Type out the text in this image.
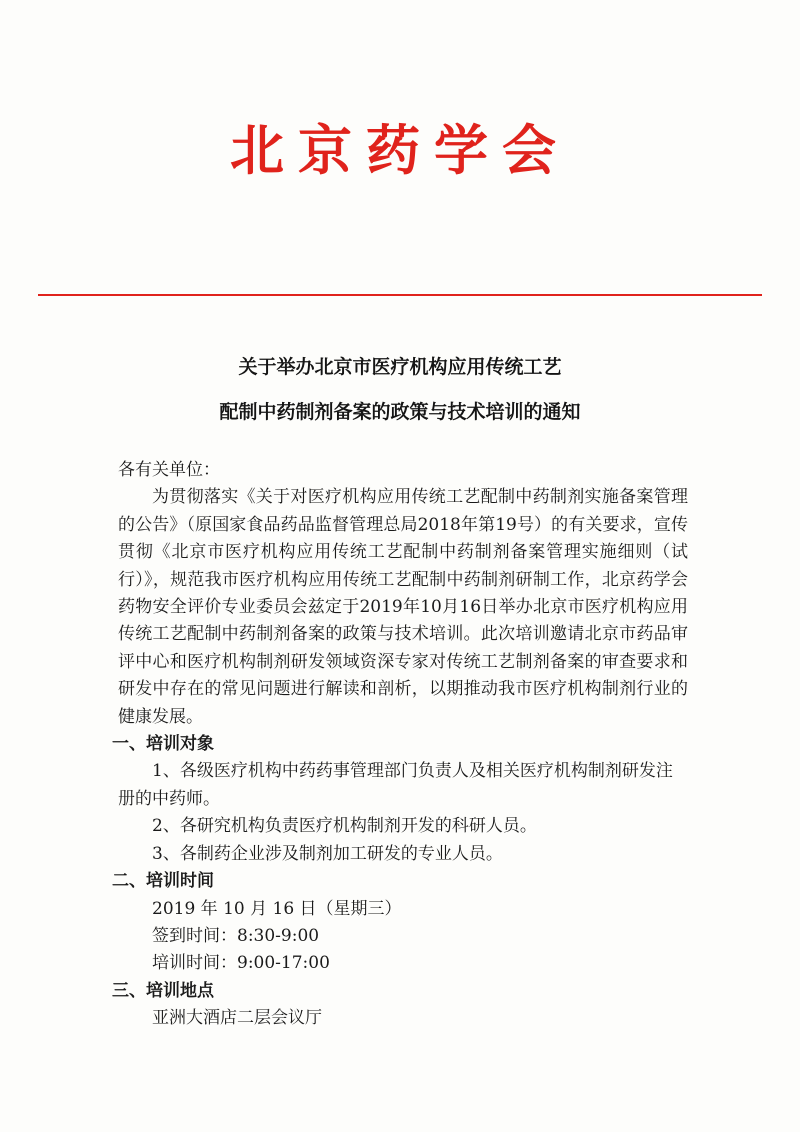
北京药学会
关于举办北京市医疗机构应用传统工艺
配制中药制剂备案的政策与技术培训的通知
各有关单位：
为贯彻落实《关于对医疗机构应用传统工艺配制中药制剂实施备案管理的公告》（原国家食品药品监督管理总局2018年第19号）的有关要求，宣传贯彻《北京市医疗机构应用传统工艺配制中药制剂备案管理实施细则（试行）》，规范我市医疗机构应用传统工艺配制中药制剂研制工作，北京药学会药物安全评价专业委员会兹定于2019年10月16日举办北京市医疗机构应用传统工艺配制中药制剂备案的政策与技术培训。此次培训邀请北京市药品审评中心和医疗机构制剂研发领域资深专家对传统工艺制剂备案的审查要求和研发中存在的常见问题进行解读和剖析，以期推动我市医疗机构制剂行业的健康发展。
一、培训对象
1、各级医疗机构中药药事管理部门负责人及相关医疗机构制剂研发注册的中药师。
2、各研究机构负责医疗机构制剂开发的科研人员。
3、各制药企业涉及制剂加工研发的专业人员。
二、培训时间
2019 年 10 月 16 日（星期三）
签到时间：8:30-9:00
培训时间：9:00-17:00
三、培训地点
亚洲大酒店二层会议厅
